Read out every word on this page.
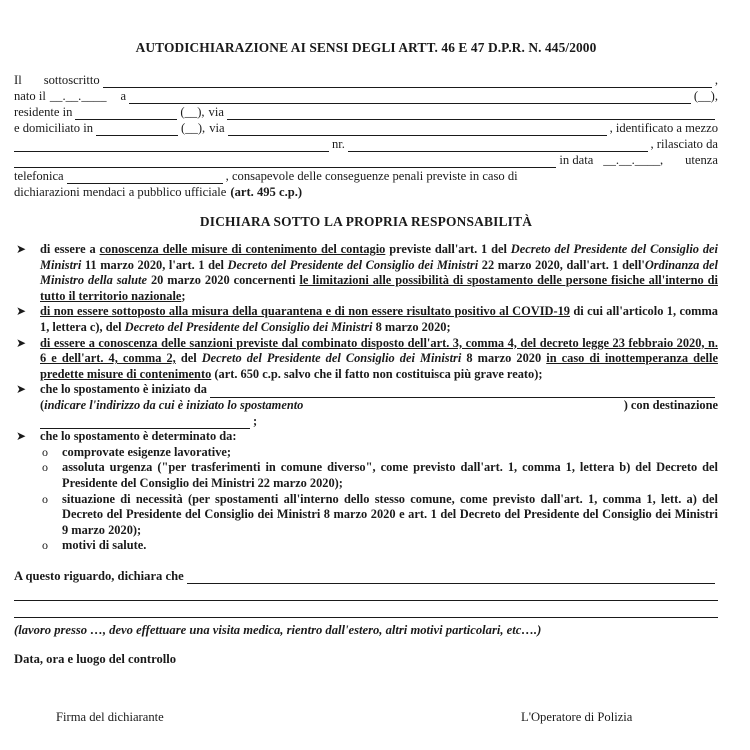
AUTODICHIARAZIONE AI SENSI DEGLI ARTT. 46 E 47 D.P.R. N. 445/2000
Il sottoscritto	,
nato il __.__.____ a	(__),
residente in	(__), via
e domiciliato in	(__), via	, identificato a mezzo
nr.	, rilasciato da
in data __.__.____, utenza
telefonica	, consapevole delle conseguenze penali previste in caso di
dichiarazioni mendaci a pubblico ufficiale (art. 495 c.p.)
DICHIARA SOTTO LA PROPRIA RESPONSABILITÀ
➤ di essere a conoscenza delle misure di contenimento del contagio previste dall'art. 1 del Decreto del Presidente del Consiglio dei Ministri 11 marzo 2020, l'art. 1 del Decreto del Presidente del Consiglio dei Ministri 22 marzo 2020, dall'art. 1 dell'Ordinanza del Ministro della salute 20 marzo 2020 concernenti le limitazioni alle possibilità di spostamento delle persone fisiche all'interno di tutto il territorio nazionale;
➤ di non essere sottoposto alla misura della quarantena e di non essere risultato positivo al COVID-19 di cui all'articolo 1, comma 1, lettera c), del Decreto del Presidente del Consiglio dei Ministri 8 marzo 2020;
➤ di essere a conoscenza delle sanzioni previste dal combinato disposto dell'art. 3, comma 4, del decreto legge 23 febbraio 2020, n. 6 e dell'art. 4, comma 2, del Decreto del Presidente del Consiglio dei Ministri 8 marzo 2020 in caso di inottemperanza delle predette misure di contenimento (art. 650 c.p. salvo che il fatto non costituisca più grave reato);
➤ che lo spostamento è iniziato da
(indicare l'indirizzo da cui è iniziato lo spostamento	) con destinazione
;
➤ che lo spostamento è determinato da:
o comprovate esigenze lavorative;
o assoluta urgenza ("per trasferimenti in comune diverso", come previsto dall'art. 1, comma 1, lettera b) del Decreto del Presidente del Consiglio dei Ministri 22 marzo 2020);
o situazione di necessità (per spostamenti all'interno dello stesso comune, come previsto dall'art. 1, comma 1, lett. a) del Decreto del Presidente del Consiglio dei Ministri 8 marzo 2020 e art. 1 del Decreto del Presidente del Consiglio dei Ministri 9 marzo 2020);
o motivi di salute.
A questo riguardo, dichiara che
(lavoro presso …, devo effettuare una visita medica, rientro dall'estero, altri motivi particolari, etc….)
Data, ora e luogo del controllo
Firma del dichiarante	L'Operatore di Polizia
